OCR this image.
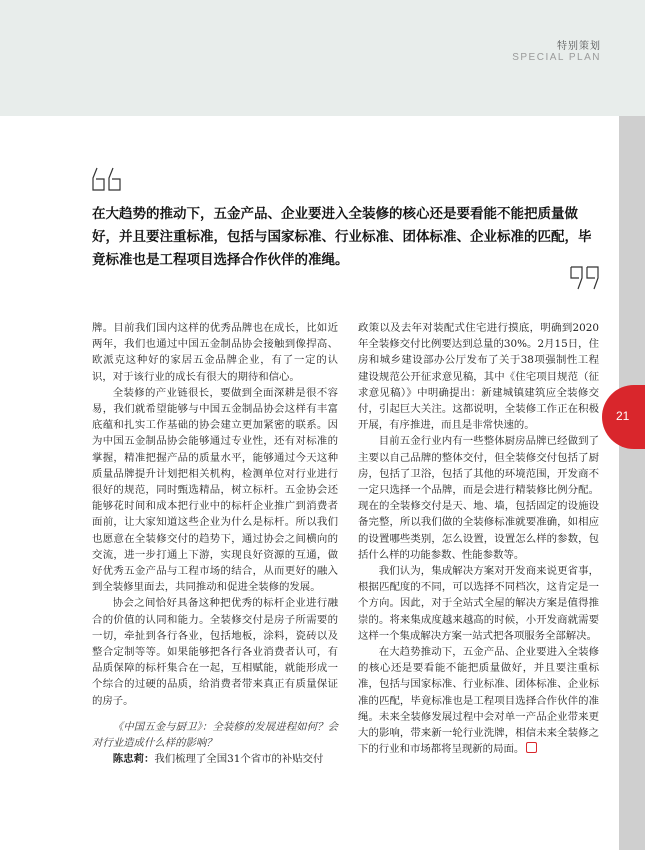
特别策划
SPECIAL PLAN
21

在大趋势的推动下，五金产品、企业要进入全装修的核心还是要看能不能把质量做好，并且要注重标准，包括与国家标准、行业标准、团体标准、企业标准的匹配，毕竟标准也是工程项目选择合作伙伴的准绳。

牌。目前我们国内这样的优秀品牌也在成长，比如近两年，我们也通过中国五金制品协会接触到像捍高、欧派克这种好的家居五金品牌企业，有了一定的认识，对于该行业的成长有很大的期待和信心。

全装修的产业链很长，要做到全面深耕是很不容易，我们就希望能够与中国五金制品协会这样有丰富底蕴和扎实工作基础的协会建立更加紧密的联系。因为中国五金制品协会能够通过专业性，还有对标准的掌握，精准把握产品的质量水平，能够通过今天这种质量品牌提升计划把相关机构，检测单位对行业进行很好的规范，同时甄选精品，树立标杆。五金协会还能够花时间和成本把行业中的标杆企业推广到消费者面前，让大家知道这些企业为什么是标杆。所以我们也愿意在全装修交付的趋势下，通过协会之间横向的交流，进一步打通上下游，实现良好资源的互通，做好优秀五金产品与工程市场的结合，从而更好的融入到全装修里面去，共同推动和促进全装修的发展。

协会之间恰好具备这种把优秀的标杆企业进行融合的价值的认同和能力。全装修交付是房子所需要的一切，牵扯到各行各业，包括地板，涂料，瓷砖以及整合定制等等。如果能够把各行各业消费者认可，有品质保障的标杆集合在一起，互相赋能，就能形成一个综合的过硬的品质，给消费者带来真正有质量保证的房子。

《中国五金与厨卫》：全装修的发展进程如何？会对行业造成什么样的影响？

陈忠莉：我们梳理了全国31个省市的补贴交付

政策以及去年对装配式住宅进行摸底，明确到2020年全装修交付比例要达到总量的30%。2月15日，住房和城乡建设部办公厅发布了关于38项强制性工程建设规范公开征求意见稿，其中《住宅项目规范（征求意见稿）》中明确提出：新建城镇建筑应全装修交付，引起巨大关注。这都说明，全装修工作正在积极开展，有序推进，而且是非常快速的。

目前五金行业内有一些整体厨房品牌已经做到了主要以自己品牌的整体交付，但全装修交付包括了厨房，包括了卫浴，包括了其他的环境范围，开发商不一定只选择一个品牌，而是会进行精装修比例分配。现在的全装修交付是天、地、墙，包括固定的设施设备完整，所以我们做的全装修标准就要准确，如相应的设置哪些类别，怎么设置，设置怎么样的参数，包括什么样的功能参数、性能参数等。

我们认为，集成解决方案对开发商来说更省事，根据匹配度的不同，可以选择不同档次，这肯定是一个方向。因此，对于全站式全屋的解决方案是值得推崇的。将来集成度越来越高的时候，小开发商就需要这样一个集成解决方案一站式把各项服务全部解决。

在大趋势推动下，五金产品、企业要进入全装修的核心还是要看能不能把质量做好，并且要注重标准，包括与国家标准、行业标准、团体标准、企业标准的匹配，毕竟标准也是工程项目选择合作伙伴的准绳。未来全装修发展过程中会对单一产品企业带来更大的影响，带来新一轮行业洗牌，相信未来全装修之下的行业和市场都将呈现新的局面。
